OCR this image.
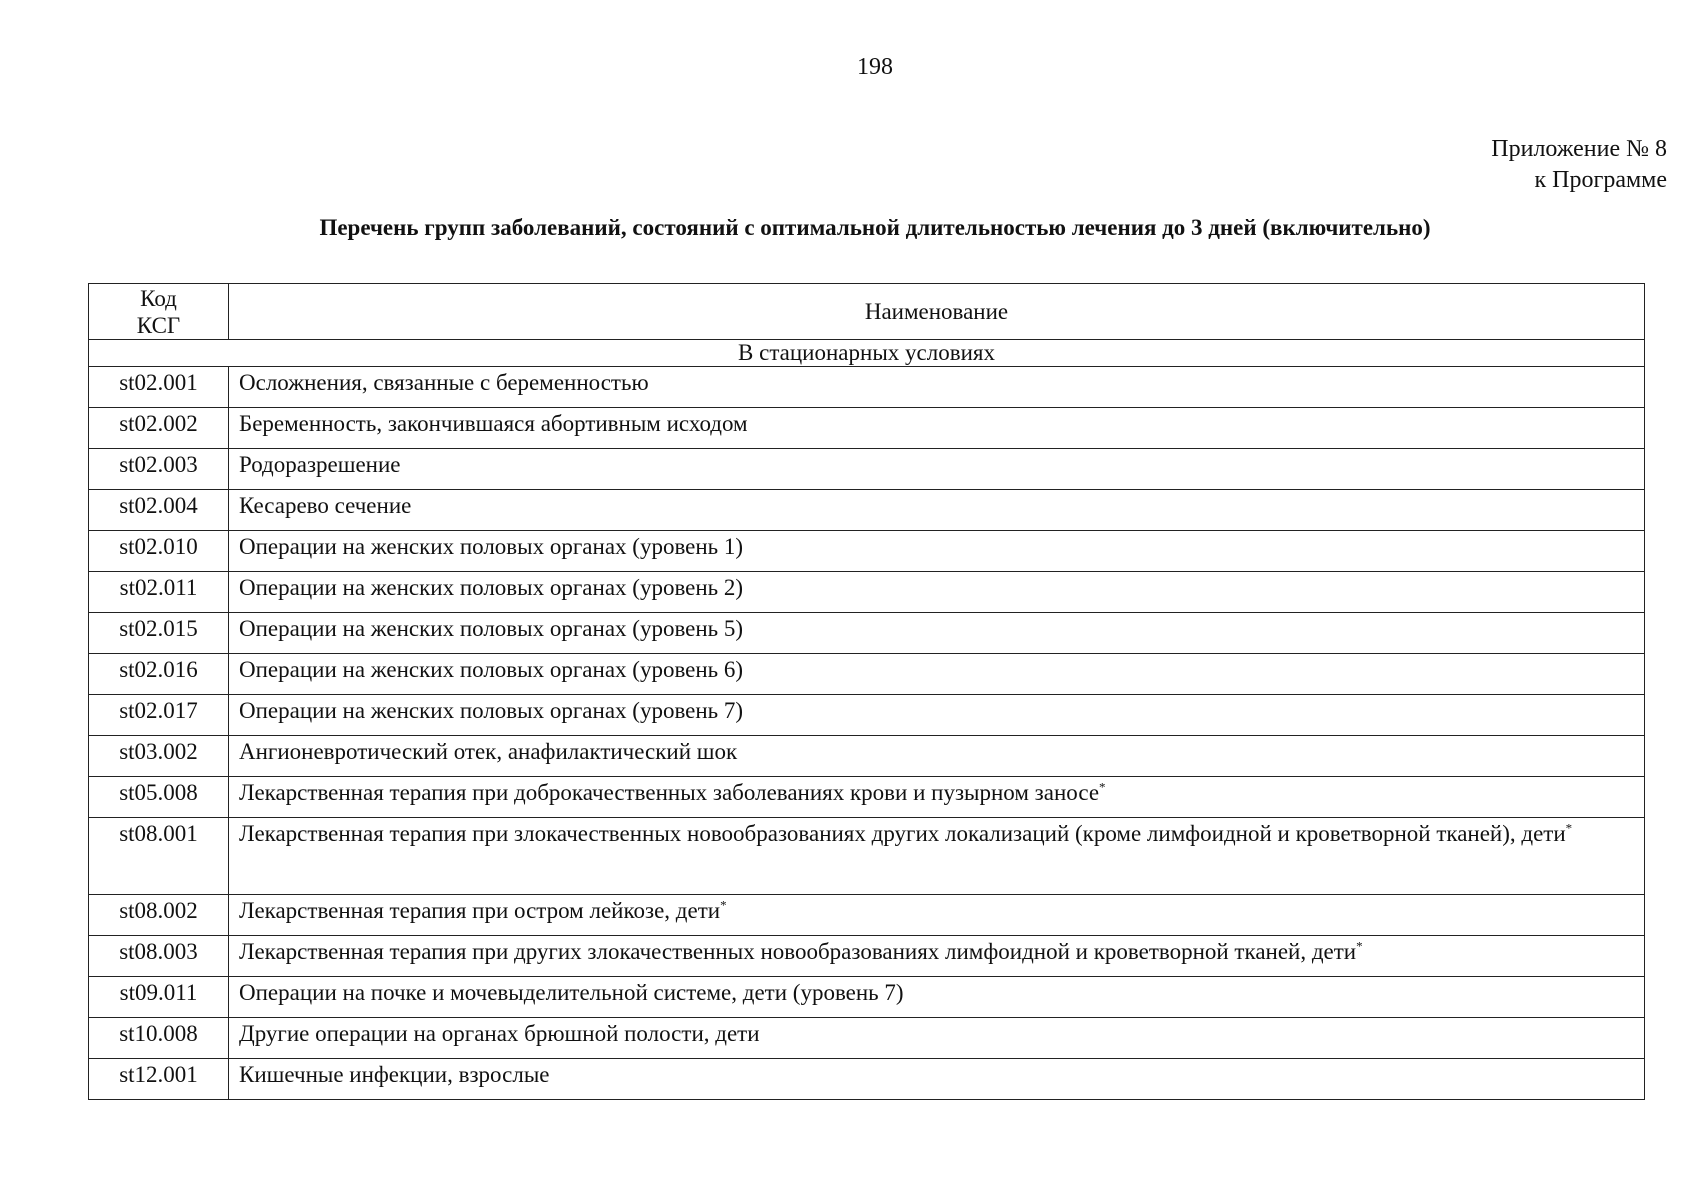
198
Приложение № 8
к Программе
Перечень групп заболеваний, состояний с оптимальной длительностью лечения до 3 дней (включительно)
Код
КСГ	Наименование
В стационарных условиях	
st02.001	Осложнения, связанные с беременностью
st02.002	Беременность, закончившаяся абортивным исходом
st02.003	Родоразрешение
st02.004	Кесарево сечение
st02.010	Операции на женских половых органах (уровень 1)
st02.011	Операции на женских половых органах (уровень 2)
st02.015	Операции на женских половых органах (уровень 5)
st02.016	Операции на женских половых органах (уровень 6)
st02.017	Операции на женских половых органах (уровень 7)
st03.002	Ангионевротический отек, анафилактический шок
st05.008	Лекарственная терапия при доброкачественных заболеваниях крови и пузырном заносе*
st08.001	Лекарственная терапия при злокачественных новообразованиях других локализаций (кроме лимфоидной и кроветворной тканей), дети*
st08.002	Лекарственная терапия при остром лейкозе, дети*
st08.003	Лекарственная терапия при других злокачественных новообразованиях лимфоидной и кроветворной тканей, дети*
st09.011	Операции на почке и мочевыделительной системе, дети (уровень 7)
st10.008	Другие операции на органах брюшной полости, дети
st12.001	Кишечные инфекции, взрослые
